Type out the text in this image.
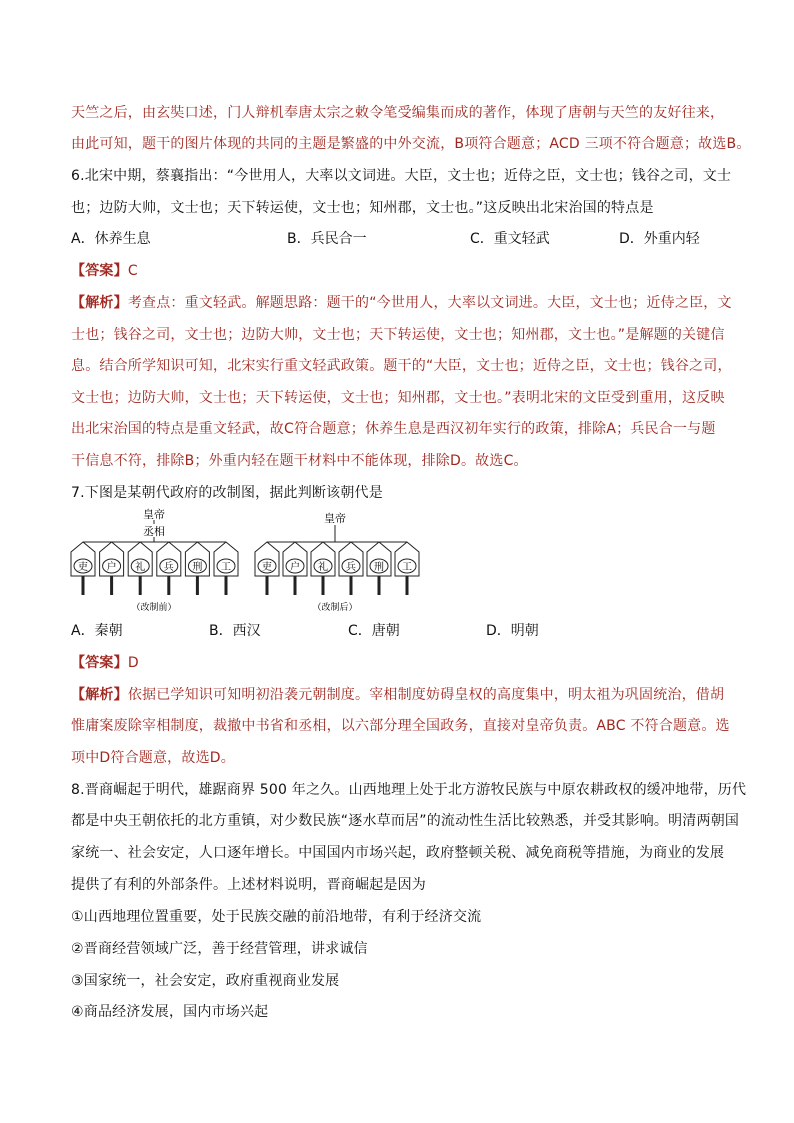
天竺之后，由玄奘口述，门人辩机奉唐太宗之敕令笔受编集而成的著作，体现了唐朝与天竺的友好往来，
由此可知，题干的图片体现的共同的主题是繁盛的中外交流，B项符合题意；ACD 三项不符合题意；故选B。
6.北宋中期，蔡襄指出：“今世用人，大率以文词进。大臣，文士也；近侍之臣，文士也；钱谷之司，文士
也；边防大帅，文士也；天下转运使，文士也；知州郡，文士也。”这反映出北宋治国的特点是
A．休养生息	B．兵民合一	C．重文轻武	D．外重内轻
【答案】C
【解析】考查点：重文轻武。解题思路：题干的“今世用人，大率以文词进。大臣，文士也；近侍之臣，文
士也；钱谷之司，文士也；边防大帅，文士也；天下转运使，文士也；知州郡，文士也。”是解题的关键信
息。结合所学知识可知，北宋实行重文轻武政策。题干的“大臣，文士也；近侍之臣，文士也；钱谷之司，
文士也；边防大帅，文士也；天下转运使，文士也；知州郡，文士也。”表明北宋的文臣受到重用，这反映
出北宋治国的特点是重文轻武，故C符合题意；休养生息是西汉初年实行的政策，排除A；兵民合一与题
干信息不符，排除B；外重内轻在题干材料中不能体现，排除D。故选C。
7.下图是某朝代政府的改制图，据此判断该朝代是
皇帝
丞相
吏 户 礼 兵 刑 工
（改制前）
皇帝
吏 户 礼 兵 刑 工
（改制后）
A．秦朝	B．西汉	C．唐朝	D．明朝
【答案】D
【解析】依据已学知识可知明初沿袭元朝制度。宰相制度妨碍皇权的高度集中，明太祖为巩固统治，借胡
惟庸案废除宰相制度，裁撤中书省和丞相，以六部分理全国政务，直接对皇帝负责。ABC 不符合题意。选
项中D符合题意，故选D。
8.晋商崛起于明代，雄踞商界 500 年之久。山西地理上处于北方游牧民族与中原农耕政权的缓冲地带，历代
都是中央王朝依托的北方重镇，对少数民族“逐水草而居”的流动性生活比较熟悉，并受其影响。明清两朝国
家统一、社会安定，人口逐年增长。中国国内市场兴起，政府整顿关税、减免商税等措施，为商业的发展
提供了有利的外部条件。上述材料说明，晋商崛起是因为
①山西地理位置重要，处于民族交融的前沿地带，有利于经济交流
②晋商经营领域广泛，善于经营管理，讲求诚信
③国家统一，社会安定，政府重视商业发展
④商品经济发展，国内市场兴起
